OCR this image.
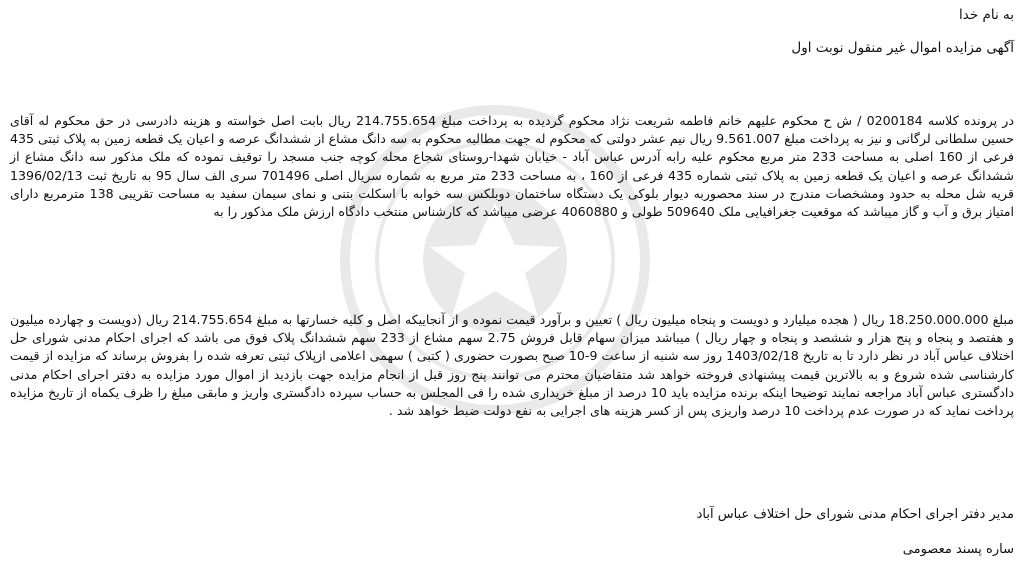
به نام خدا

آگهی مزایده اموال غیر منقول نوبت اول

در پرونده کلاسه 0200184 / ش ح محکوم علیهم خانم فاطمه شریعت نژاد محکوم گردیده به پرداخت مبلغ 214.755.654 ریال بابت اصل خواسته و هزینه دادرسی در حق محکوم له آقای حسین سلطانی لرگانی و نیز به پرداخت مبلغ 9.561.007 ریال نیم عشر دولتی که محکوم له جهت مطالبه محکوم به سه دانگ مشاع از ششدانگ عرصه و اعیان یک قطعه زمین به پلاک ثبتی 435 فرعی از 160 اصلی به مساحت 233 متر مربع محکوم علیه رابه آدرس عباس آباد - خیابان شهدا-روستای شجاع محله کوچه جنب مسجد را توقیف نموده که ملک مذکور سه دانگ مشاع از ششدانگ عرصه و اعیان یک قطعه زمین به پلاک ثبتی شماره 435 فرعی از 160 ، به مساحت 233 متر مربع به شماره سریال اصلی 701496 سری الف سال 95 به تاریخ ثبت 1396/02/13 قریه شل محله به حدود ومشخصات مندرج در سند محصوربه دیوار بلوکی یک دستگاه ساختمان دوبلکس سه خوابه با اسکلت بتنی و نمای سیمان سفید به مساحت تقریبی 138 مترمربع دارای امتیاز برق و آب و گاز میباشد که موقعیت جغرافیایی ملک 509640 طولی و 4060880 عرضی میباشد که کارشناس منتخب دادگاه ارزش ملک مذکور را به

مبلغ 18.250.000.000 ریال ( هجده میلیارد و دویست و پنجاه میلیون ریال ) تعیین و برآورد قیمت نموده و از آنجاییکه اصل و کلیه خسارتها به مبلغ 214.755.654 ریال (دویست و چهارده میلیون و هفتصد و پنجاه و پنج هزار و ششصد و پنجاه و چهار ریال ) میباشد میزان سهام قابل فروش 2.75 سهم مشاع از 233 سهم ششدانگ پلاک فوق می باشد که اجرای احکام مدنی شورای حل اختلاف عباس آباد در نظر دارد تا به تاریخ 1403/02/18 روز سه شنبه از ساعت 9-10 صبح بصورت حضوری ( کتبی ) سهمی اعلامی ازپلاک ثبتی تعرفه شده را بفروش برساند که مزایده از قیمت کارشناسی شده شروع و به بالاترین قیمت پیشنهادی فروخته خواهد شد متقاضیان محترم می توانند پنج روز قبل از انجام مزایده جهت بازدید از اموال مورد مزایده به دفتر اجرای احکام مدنی دادگستری عباس آباد مراجعه نمایند توضیحا اینکه برنده مزایده باید 10 درصد از مبلغ خریداری شده را فی المجلس به حساب سپرده دادگستری واریز و مابقی مبلغ را ظرف یکماه از تاریخ مزایده پرداخت نماید که در صورت عدم پرداخت 10 درصد واریزی پس از کسر هزینه های اجرایی به نفع دولت ضبط خواهد شد .

مدیر دفتر اجرای احکام مدنی شورای حل اختلاف عباس آباد

ساره پسند معصومی
